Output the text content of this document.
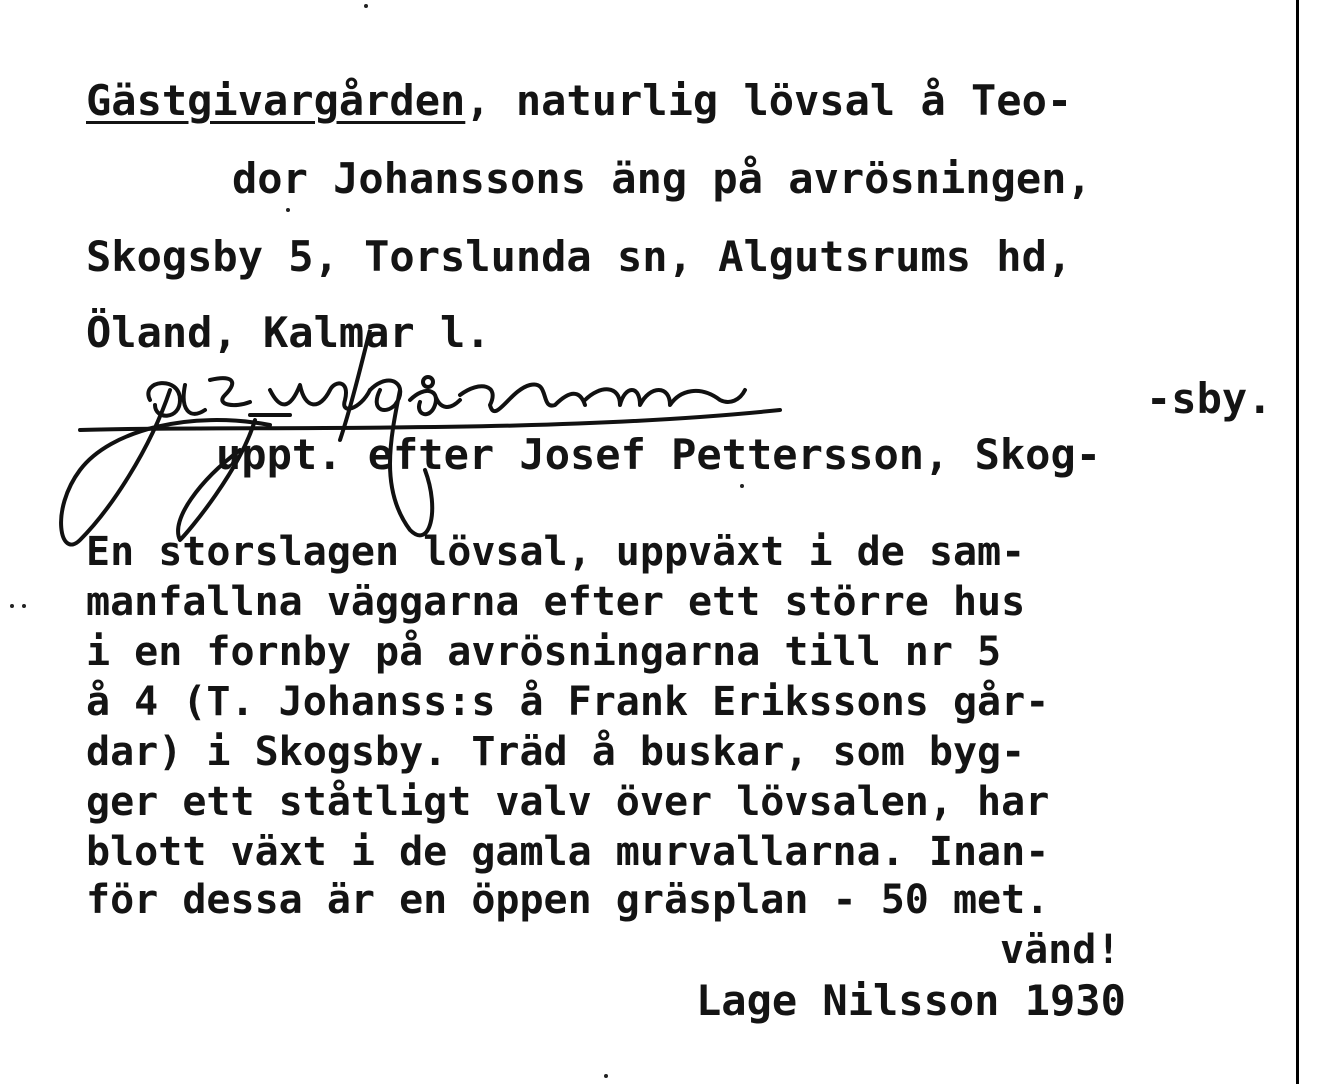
Gästgivargården, naturlig lövsal å Teo-
dor Johanssons äng på avrösningen,
Skogsby 5, Torslunda sn, Algutsrums hd,
Öland, Kalmar l.
-sby.
uppt. efter Josef Pettersson, Skog-
En storslagen lövsal, uppväxt i de sam-
manfallna väggarna efter ett större hus
i en fornby på avrösningarna till nr 5
å 4 (T. Johanss:s å Frank Erikssons går-
dar) i Skogsby. Träd å buskar, som byg-
ger ett ståtligt valv över lövsalen, har
blott växt i de gamla murvallarna. Inan-
för dessa är en öppen gräsplan - 50 met.
vänd!
Lage Nilsson 1930
